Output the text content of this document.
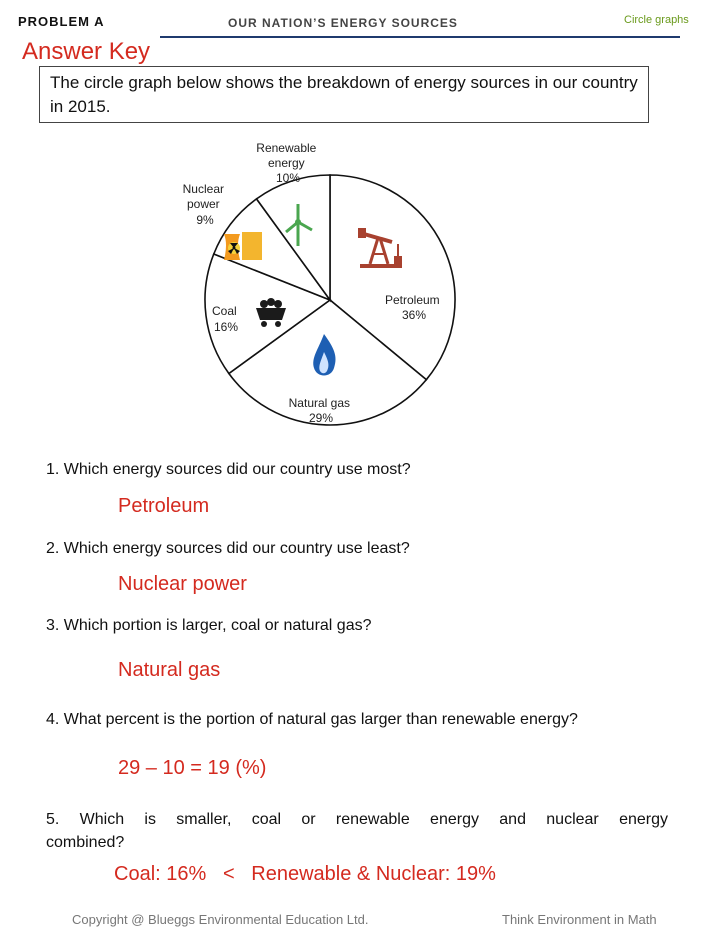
PROBLEM A	OUR NATION’S ENERGY SOURCES	Circle graphs
Answer Key
The circle graph below shows the breakdown of energy sources in our country in 2015.
Renewable energy 10%
Nuclear power 9%
Coal 16%
Petroleum 36%
Natural gas 29%
1. Which energy sources did our country use most?
Petroleum
2. Which energy sources did our country use least?
Nuclear power
3. Which portion is larger, coal or natural gas?
Natural gas
4. What percent is the portion of natural gas larger than renewable energy?
29 – 10 = 19 (%)
5. Which is smaller, coal or renewable energy and nuclear energy
combined?
Coal: 16%   <   Renewable & Nuclear: 19%
Copyright @ Blueggs Environmental Education Ltd.	Think Environment in Math
